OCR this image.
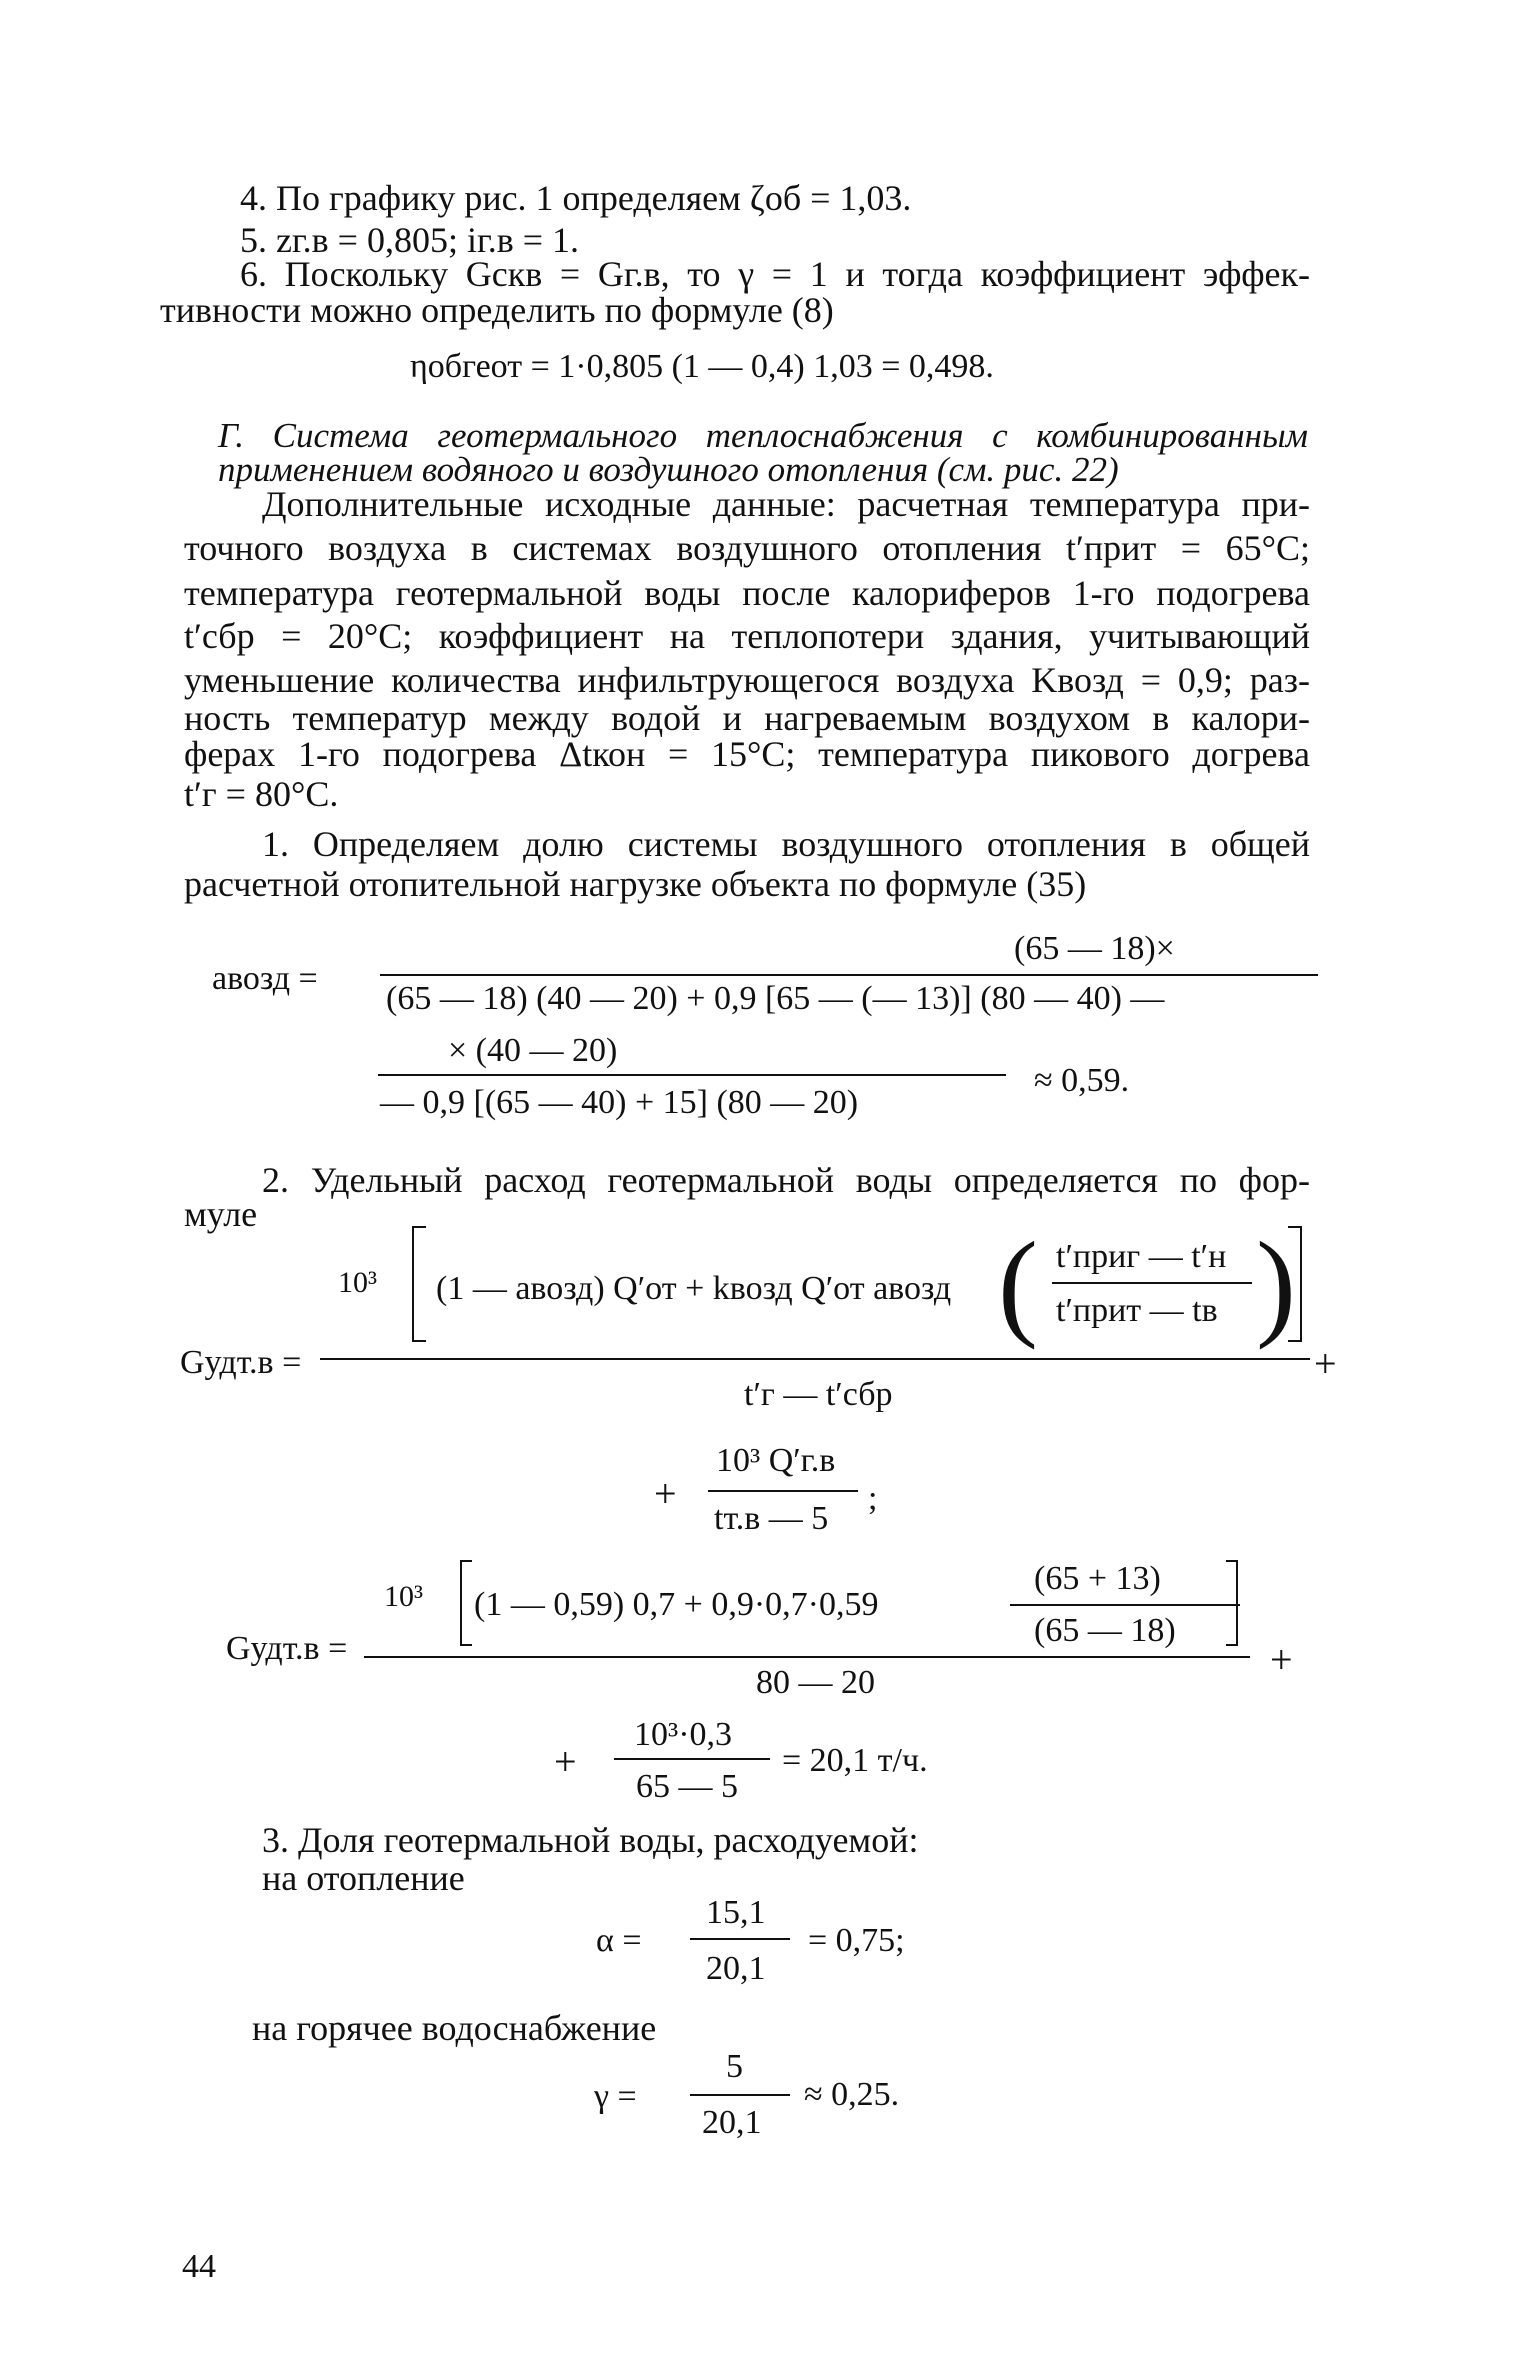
4. По графику рис. 1 определяем ζоб = 1,03.
5. zг.в = 0,805; iг.в = 1.
6. Поскольку Gскв = Gг.в, то γ = 1 и тогда коэффициент эффек-
тивности можно определить по формуле (8)
ηобгеот = 1·0,805 (1 — 0,4) 1,03 = 0,498.
Г. Система геотермального теплоснабжения с комбинированным
применением водяного и воздушного отопления (см. рис. 22)
Дополнительные исходные данные: расчетная температура при-
точного воздуха в системах воздушного отопления t′прит = 65°С;
температура геотермальной воды после калориферов 1-го подогрева
t′сбр = 20°С; коэффициент на теплопотери здания, учитывающий
уменьшение количества инфильтрующегося воздуха Kвозд = 0,9; раз-
ность температур между водой и нагреваемым воздухом в калори-
ферах 1-го подогрева Δtкон = 15°С; температура пикового догрева
t′г = 80°С.
1. Определяем долю системы воздушного отопления в общей
расчетной отопительной нагрузке объекта по формуле (35)
aвозд =
(65 — 18)×
(65 — 18) (40 — 20) + 0,9 [65 — (— 13)] (80 — 40) —
× (40 — 20)
— 0,9 [(65 — 40) + 15] (80 — 20)
≈ 0,59.
2. Удельный расход геотермальной воды определяется по фор-
муле
Gудт.в =
10³ (1 — aвозд) Q′от + kвозд Q′от aвозд ( t′приг — t′н
t′прит — tв )
t′г — t′сбр
+
+
10³ Q′г.в
tт.в — 5
;
Gудт.в =
10³ (1 — 0,59) 0,7 + 0,9·0,7·0,59
(65 + 13)
(65 — 18)
80 — 20
+
+
10³·0,3
65 — 5
= 20,1 т/ч.
3. Доля геотермальной воды, расходуемой:
на отопление
α =
15,1
20,1
= 0,75;
на горячее водоснабжение
γ =
5
20,1
≈ 0,25.
44
